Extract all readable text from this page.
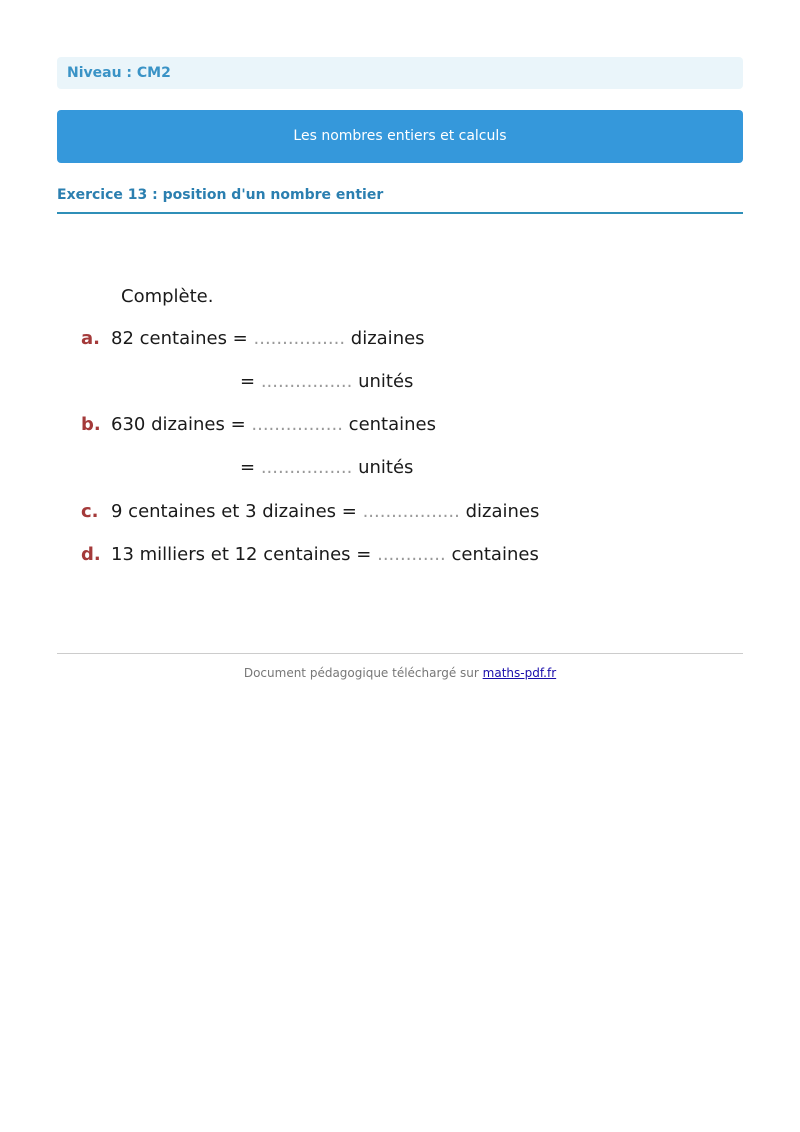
Niveau : CM2
Les nombres entiers et calculs
Exercice 13 : position d'un nombre entier
Complète.
a. 82 centaines = ................ dizaines
= ................ unités
b. 630 dizaines = ................ centaines
= ................ unités
c. 9 centaines et 3 dizaines = ................. dizaines
d. 13 milliers et 12 centaines = ............ centaines
Document pédagogique téléchargé sur maths-pdf.fr
